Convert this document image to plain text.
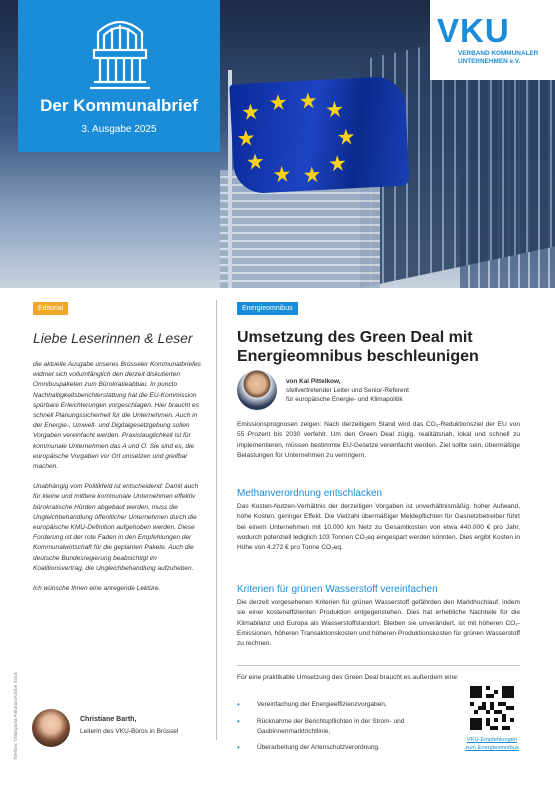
Der Kommunalbrief
3. Ausgabe 2025
VKU
VERBAND KOMMUNALER
UNTERNEHMEN e.V.
Editorial
Liebe Leserinnen & Leser

die aktuelle Ausgabe unseres Brüsseler Kommunalbriefes widmet sich vollumfänglich den derzeit diskutierten Omnibuspaketen zum Bürokratieabbau. In puncto Nachhaltigkeitsberichterstattung hat die EU-Kommission spürbare Erleichterungen vorgeschlagen. Hier braucht es schnell Planungssicherheit für die Unternehmen. Auch in der Energie-, Umwelt- und Digitalgesetzgebung sollen Vorgaben vereinfacht werden. Praxistauglichkeit ist für kommunale Unternehmen das A und O. Sie sind es, die europäische Vorgaben vor Ort umsetzen und greifbar machen.

Unabhängig vom Politikfeld ist entscheidend: Damit auch für kleine und mittlere kommunale Unternehmen effektiv bürokratische Hürden abgebaut werden, muss die Ungleichbehandlung öffentlicher Unternehmen durch die europäische KMU-Definition aufgehoben werden. Diese Forderung ist der rote Faden in den Empfehlungen der Kommunalwirtschaft für die geplanten Pakete. Auch die deutsche Bundesregierung beabsichtigt im Koalitionsvertrag, die Ungleichbehandlung aufzuheben.

Ich wünsche Ihnen eine anregende Lektüre.

Titelfoto: ©Margarita Pakarius/Adobe Stock	Christiane Barth,
Leiterin des VKU-Büros in Brüssel
Energieomnibus
Umsetzung des Green Deal mit
Energieomnibus beschleunigen
von Kai Pittelkow,
stellvertretender Leiter und Senior-Referent
für europäische Energie- und Klimapolitik
Emissionsprognosen zeigen: Nach derzeitigem Stand wird das CO₂-Reduktionsziel der EU von 55 Prozent bis 2030 verfehlt. Um den Green Deal zügig, realitätsnah, lokal und schnell zu implementieren, müssen bestimmte EU-Gesetze vereinfacht werden. Ziel sollte sein, übermäßige Belastungen für Unternehmen zu verringern.
Methanverordnung entschlacken
Das Kosten-Nutzen-Verhältnis der derzeitigen Vorgaben ist unverhältnismäßig: hoher Aufwand, hohe Kosten, geringer Effekt. Die Vielzahl übermäßiger Meldepflichten für Gasnetzbetreiber führt bei einem Unternehmen mit 10.000 km Netz zu Gesamtkosten von etwa 440.000 € pro Jahr, wodurch potenziell lediglich 103 Tonnen CO₂eq eingespart werden könnten. Dies ergibt Kosten in Höhe von 4.272 € pro Tonne CO₂eq.
Kriterien für grünen Wasserstoff vereinfachen
Die derzeit vorgesehenen Kriterien für grünen Wasserstoff gefährden den Markthochlauf, indem sie einer kosteneffizienten Produktion entgegenstehen. Dies hat erhebliche Nachteile für die Klimabilanz und Europa als Wasserstoffstandort. Bleiben sie unverändert, ist mit höheren CO₂-Emissionen, höheren Transaktionskosten und höheren Produktionskosten für grünen Wasserstoff zu rechnen.
Für eine praktikable Umsetzung des Green Deal braucht es außerdem eine:
•	Vereinfachung der Energieeffizienzvorgaben,
•	Rücknahme der Berichtspflichten in der Strom- und Gasbinnenmarktrichtlinie,
•	Überarbeitung der Artenschutzverordnung.
VKU-Empfehlungen
zum Energieomnibus
